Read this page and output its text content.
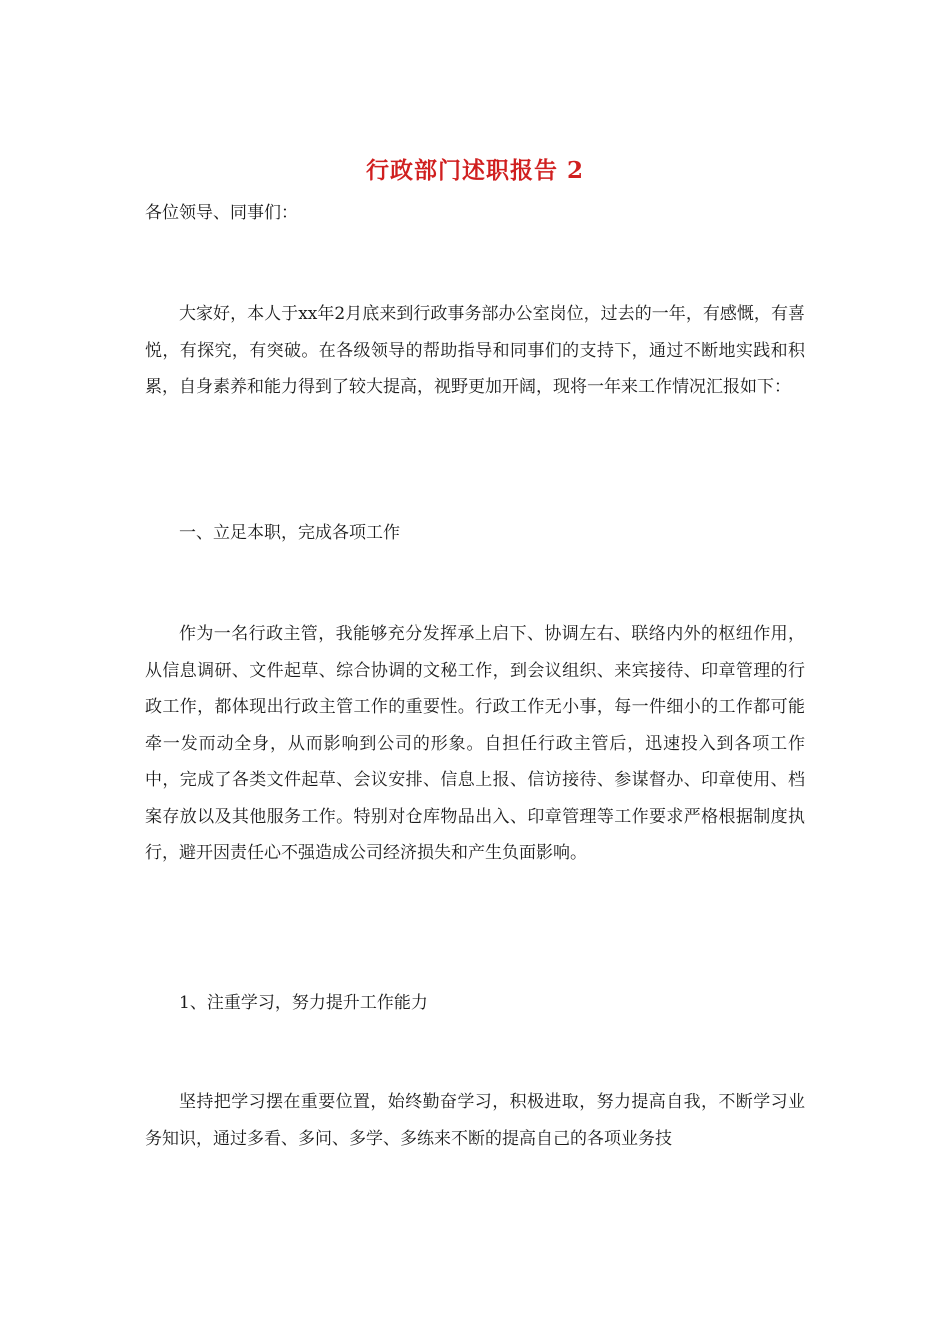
行政部门述职报告 2
各位领导、同事们：

大家好，本人于xx年2月底来到行政事务部办公室岗位，过去的一年，有感慨，有喜悦，有探究，有突破。在各级领导的帮助指导和同事们的支持下，通过不断地实践和积累，自身素养和能力得到了较大提高，视野更加开阔，现将一年来工作情况汇报如下：

一、立足本职，完成各项工作

作为一名行政主管，我能够充分发挥承上启下、协调左右、联络内外的枢纽作用，从信息调研、文件起草、综合协调的文秘工作，到会议组织、来宾接待、印章管理的行政工作，都体现出行政主管工作的重要性。行政工作无小事，每一件细小的工作都可能牵一发而动全身，从而影响到公司的形象。自担任行政主管后，迅速投入到各项工作中，完成了各类文件起草、会议安排、信息上报、信访接待、参谋督办、印章使用、档案存放以及其他服务工作。特别对仓库物品出入、印章管理等工作要求严格根据制度执行，避开因责任心不强造成公司经济损失和产生负面影响。

1、注重学习，努力提升工作能力

坚持把学习摆在重要位置，始终勤奋学习，积极进取，努力提高自我，不断学习业务知识，通过多看、多问、多学、多练来不断的提高自己的各项业务技
